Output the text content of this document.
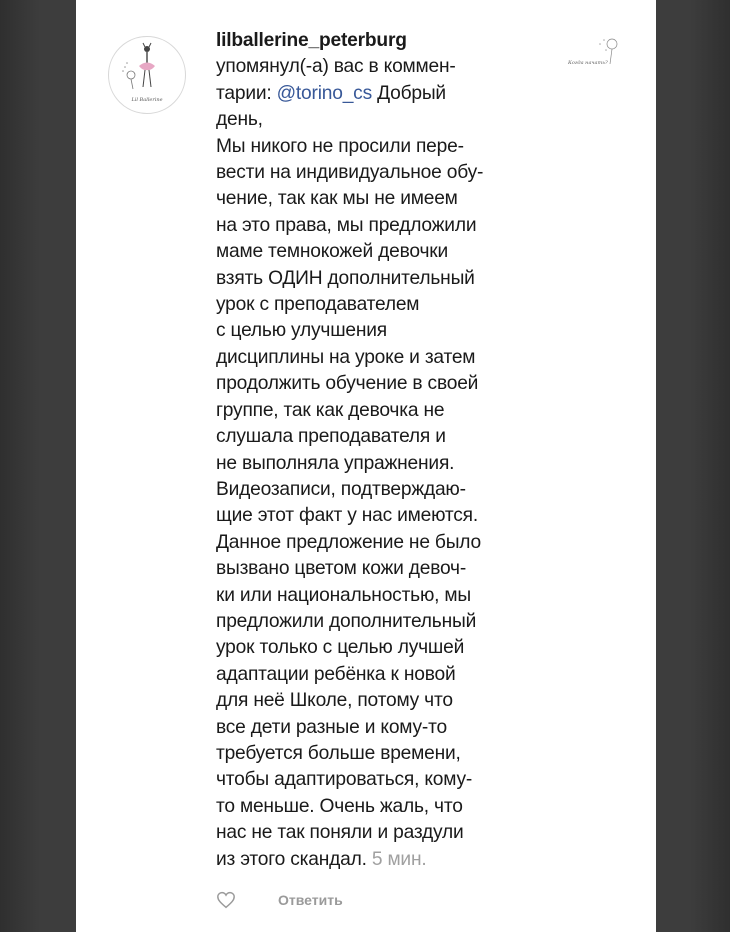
Lil Ballerine
Когда начать?
lilballerine_peterburg
упомянул(-а) вас в коммен-
тарии: @torino_cs Добрый
день,
Мы никого не просили пере-
вести на индивидуальное обу-
чение, так как мы не имеем
на это права, мы предложили
маме темнокожей девочки
взять ОДИН дополнительный
урок с преподавателем
с целью улучшения
дисциплины на уроке и затем
продолжить обучение в своей
группе, так как девочка не
слушала преподавателя и
не выполняла упражнения.
Видеозаписи, подтверждаю-
щие этот факт у нас имеются.
Данное предложение не было
вызвано цветом кожи девоч-
ки или национальностью, мы
предложили дополнительный
урок только с целью лучшей
адаптации ребёнка к новой
для неё Школе, потому что
все дети разные и кому-то
требуется больше времени,
чтобы адаптироваться, кому-
то меньше. Очень жаль, что
нас не так поняли и раздули
из этого скандал. 5 мин.
Ответить
